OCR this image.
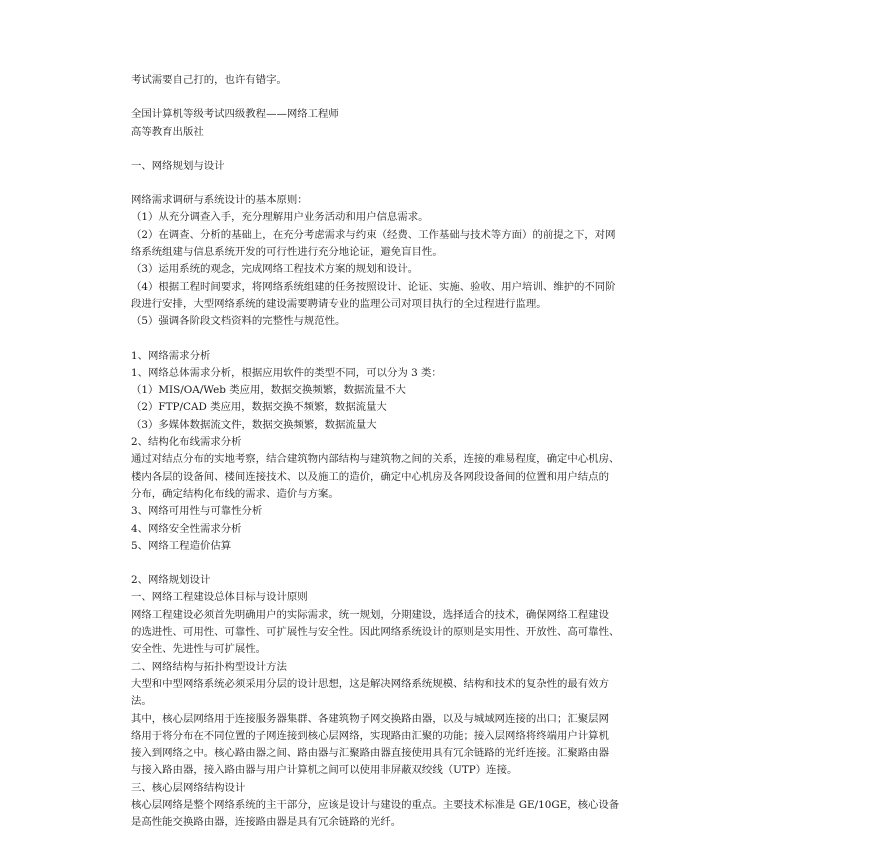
考试需要自己打的，也许有错字。

全国计算机等级考试四级教程——网络工程师

高等教育出版社

一、网络规划与设计

网络需求调研与系统设计的基本原则：

（1）从充分调查入手，充分理解用户业务活动和用户信息需求。

（2）在调查、分析的基础上，在充分考虑需求与约束（经费、工作基础与技术等方面）的前提之下，对网

络系统组建与信息系统开发的可行性进行充分地论证，避免盲目性。

（3）运用系统的观念，完成网络工程技术方案的规划和设计。

（4）根据工程时间要求，将网络系统组建的任务按照设计、论证、实施、验收、用户培训、维护的不同阶

段进行安排，大型网络系统的建设需要聘请专业的监理公司对项目执行的全过程进行监理。

（5）强调各阶段文档资料的完整性与规范性。

1、网络需求分析

1、网络总体需求分析，根据应用软件的类型不同，可以分为 3 类：

（1）MIS/OA/Web 类应用，数据交换频繁，数据流量不大

（2）FTP/CAD 类应用，数据交换不频繁，数据流量大

（3）多媒体数据流文件，数据交换频繁，数据流量大

2、结构化布线需求分析

通过对结点分布的实地考察，结合建筑物内部结构与建筑物之间的关系，连接的难易程度，确定中心机房、

楼内各层的设备间、楼间连接技术、以及施工的造价，确定中心机房及各网段设备间的位置和用户结点的

分布，确定结构化布线的需求、造价与方案。

3、网络可用性与可靠性分析

4、网络安全性需求分析

5、网络工程造价估算

2、网络规划设计

一、网络工程建设总体目标与设计原则

网络工程建设必须首先明确用户的实际需求，统一规划，分期建设，选择适合的技术，确保网络工程建设

的选进性、可用性、可靠性、可扩展性与安全性。因此网络系统设计的原则是实用性、开放性、高可靠性、

安全性、先进性与可扩展性。

二、网络结构与拓扑构型设计方法

大型和中型网络系统必须采用分层的设计思想，这是解决网络系统规模、结构和技术的复杂性的最有效方

法。

其中，核心层网络用于连接服务器集群、各建筑物子网交换路由器，以及与城域网连接的出口；汇聚层网

络用于将分布在不同位置的子网连接到核心层网络，实现路由汇聚的功能；接入层网络将终端用户计算机

接入到网络之中。核心路由器之间、路由器与汇聚路由器直接使用具有冗余链路的光纤连接。汇聚路由器

与接入路由器，接入路由器与用户计算机之间可以使用非屏蔽双绞线（UTP）连接。

三、核心层网络结构设计

核心层网络是整个网络系统的主干部分，应该是设计与建设的重点。主要技术标准是 GE/10GE，核心设备

是高性能交换路由器，连接路由器是具有冗余链路的光纤。
